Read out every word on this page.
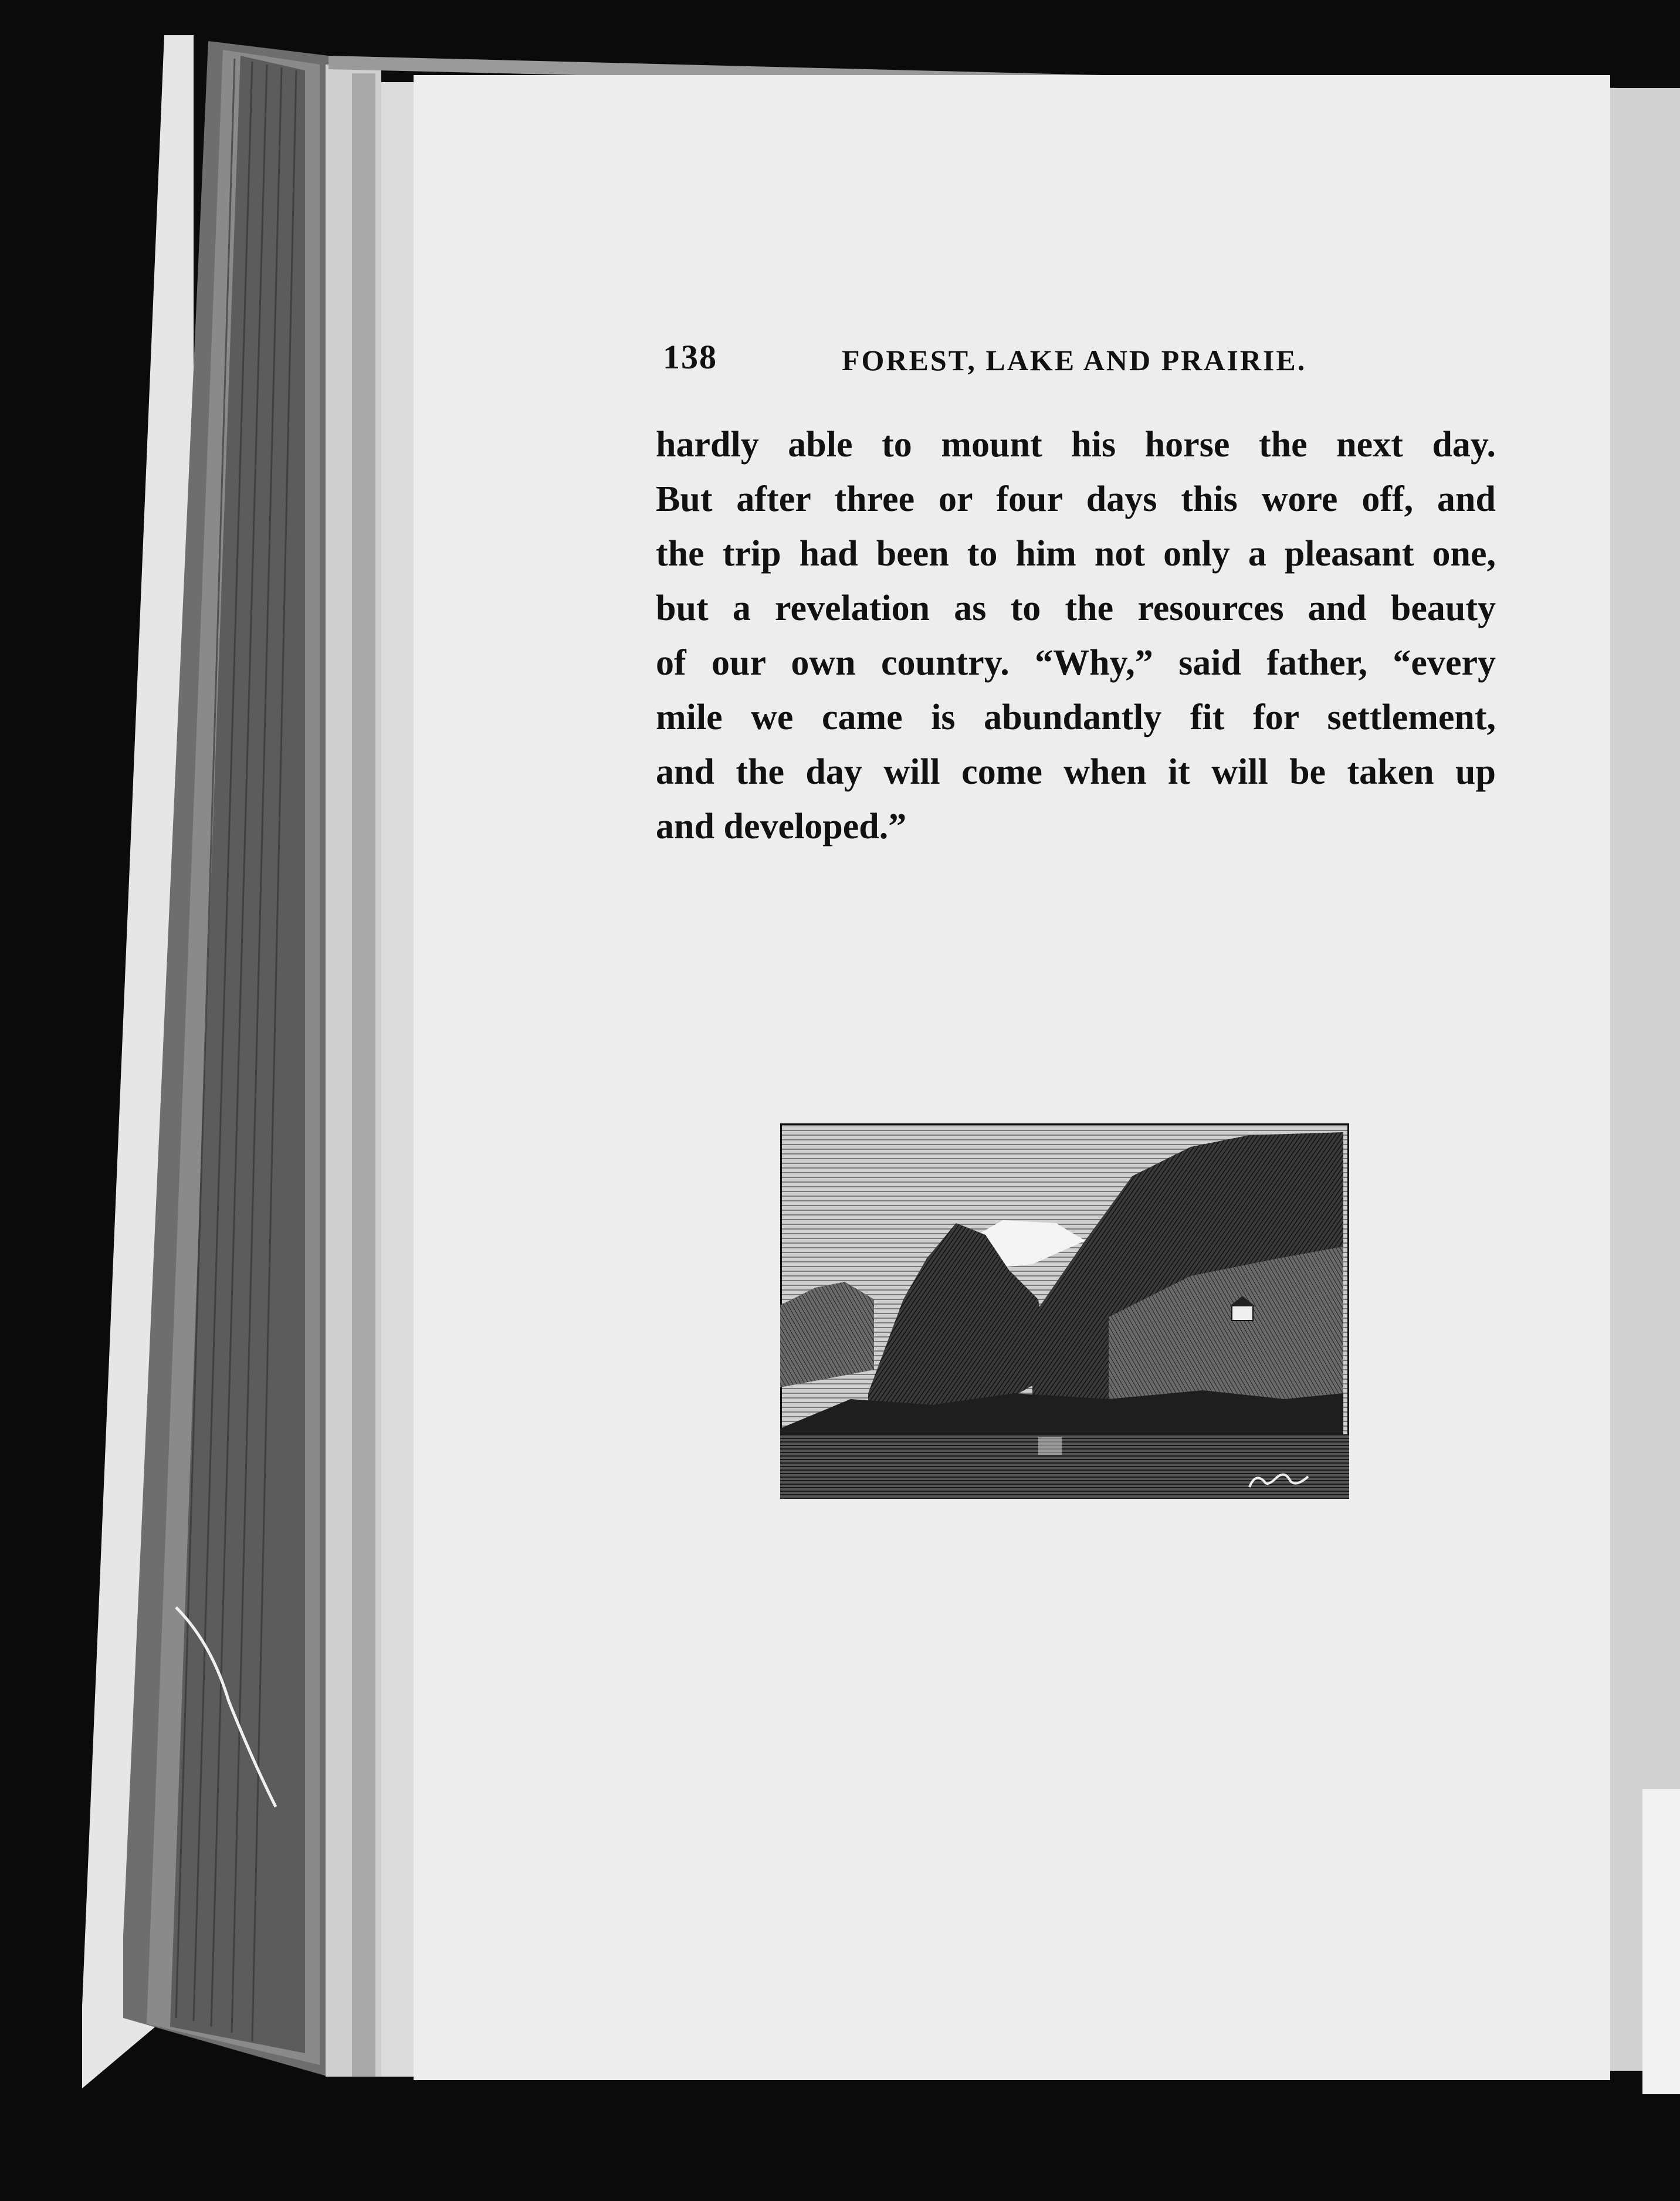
138	FOREST, LAKE AND PRAIRIE.
hardly able to mount his horse the next day.
But after three or four days this wore off, and
the trip had been to him not only a pleasant one,
but a revelation as to the resources and beauty
of our own country. “Why,” said father, “every
mile we came is abundantly fit for settlement,
and the day will come when it will be taken up
and developed.”
